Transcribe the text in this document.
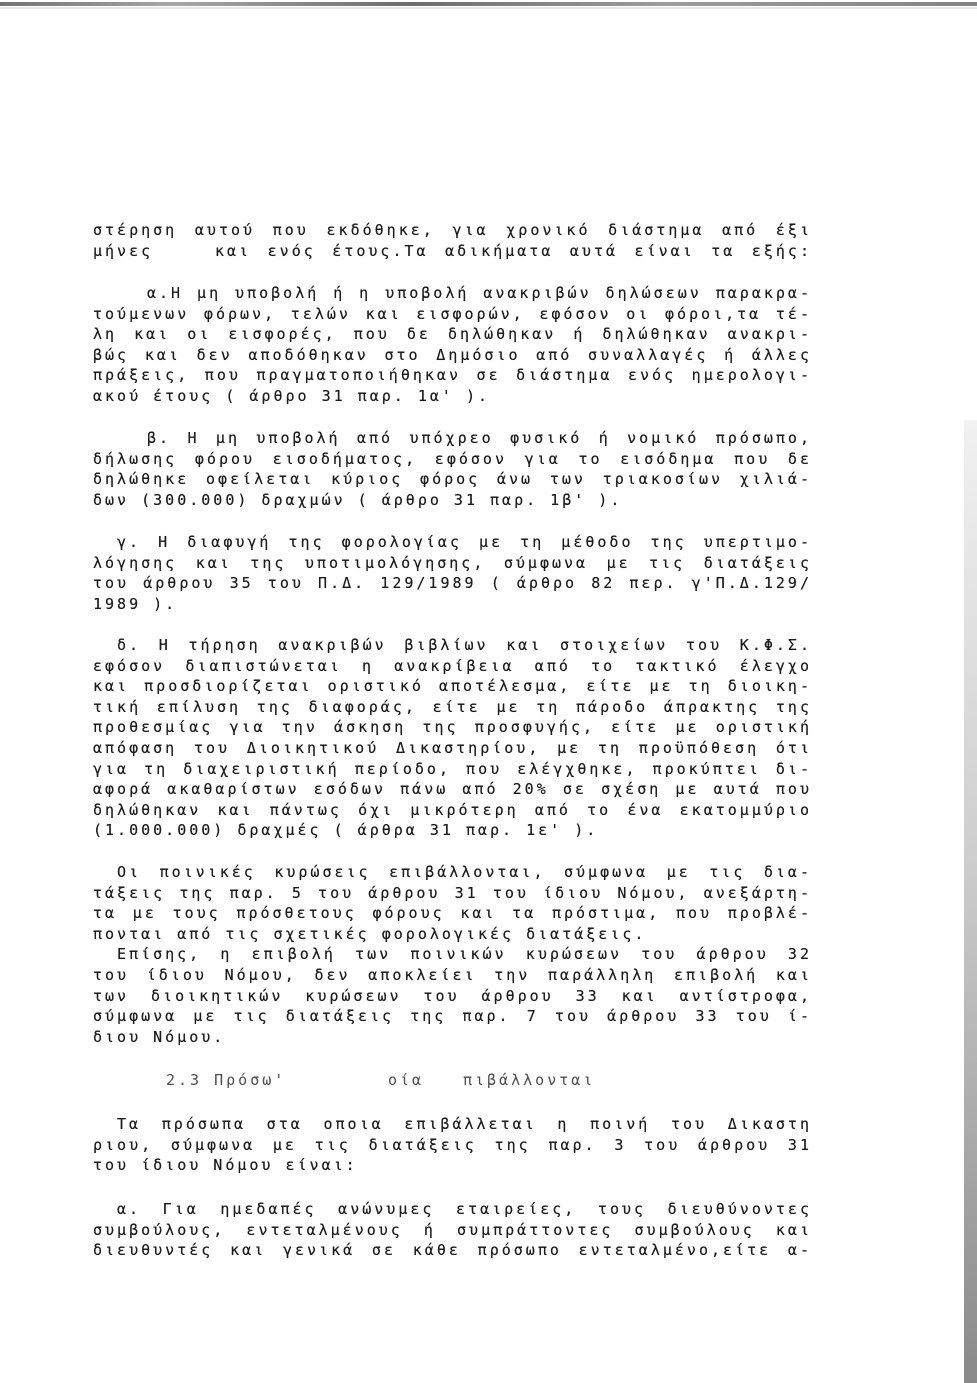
στέρηση αυτού που εκδόθηκε, για χρονικό διάστημα από έξι
μήνες	και ενός έτους.Τα αδικήματα αυτά είναι τα εξής:
α.Η μη υποβολή ή η υποβολή ανακριβών δηλώσεων παρακρα-
τούμενων φόρων, τελών και εισφορών, εφόσον οι φόροι,τα τέ-
λη και οι εισφορές, που δε δηλώθηκαν ή δηλώθηκαν ανακρι-
βώς και δεν αποδόθηκαν στο Δημόσιο από συναλλαγές ή άλλες
πράξεις, που πραγματοποιήθηκαν σε διάστημα ενός ημερολογι-
ακού έτους ( άρθρο 31 παρ. 1α' ).
β. Η μη υποβολή από υπόχρεο φυσικό ή νομικό πρόσωπο,
δήλωσης φόρου εισοδήματος, εφόσον για το εισόδημα που δε
δηλώθηκε οφείλεται κύριος φόρος άνω των τριακοσίων χιλιά-
δων (300.000) δραχμών ( άρθρο 31 παρ. 1β' ).
γ. Η διαφυγή της φορολογίας με τη μέθοδο της υπερτιμο-
λόγησης και της υποτιμολόγησης, σύμφωνα με τις διατάξεις
του άρθρου 35 του Π.Δ. 129/1989 ( άρθρο 82 περ. γ'Π.Δ.129/
1989 ).
δ. Η τήρηση ανακριβών βιβλίων και στοιχείων του Κ.Φ.Σ.
εφόσον διαπιστώνεται η ανακρίβεια από το τακτικό έλεγχο
και προσδιορίζεται οριστικό αποτέλεσμα, είτε με τη διοικη-
τική επίλυση της διαφοράς, είτε με τη πάροδο άπρακτης της
προθεσμίας για την άσκηση της προσφυγής, είτε με οριστική
απόφαση του Διοικητικού Δικαστηρίου, με τη προϋπόθεση ότι
για τη διαχειριστική περίοδο, που ελέγχθηκε, προκύπτει δι-
αφορά ακαθαρίστων εσόδων πάνω από 20% σε σχέση με αυτά που
δηλώθηκαν και πάντως όχι μικρότερη από το ένα εκατομμύριο
(1.000.000) δραχμές ( άρθρα 31 παρ. 1ε' ).
Οι ποινικές κυρώσεις επιβάλλονται, σύμφωνα με τις δια-
τάξεις της παρ. 5 του άρθρου 31 του ίδιου Νόμου, ανεξάρτη-
τα με τους πρόσθετους φόρους και τα πρόστιμα, που προβλέ-
πονται από τις σχετικές φορολογικές διατάξεις.
Επίσης, η επιβολή των ποινικών κυρώσεων του άρθρου 32
του ίδιου Νόμου, δεν αποκλείει την παράλληλη επιβολή και
των διοικητικών κυρώσεων του άρθρου 33 και αντίστροφα,
σύμφωνα με τις διατάξεις της παρ. 7 του άρθρου 33 του ί-
διου Νόμου.
2.3 Πρόσω'	οία	πιβάλλονται
Τα πρόσωπα στα οποια επιβάλλεται η ποινή του Δικαστη
ριου, σύμφωνα με τις διατάξεις της παρ. 3 του άρθρου 31
του ίδιου Νόμου είναι:
α. Για ημεδαπές ανώνυμες εταιρείες, τους διευθύνοντες
συμβούλους, εντεταλμένους ή συμπράττοντες συμβούλους και
διευθυντές και γενικά σε κάθε πρόσωπο εντεταλμένο,είτε α-
